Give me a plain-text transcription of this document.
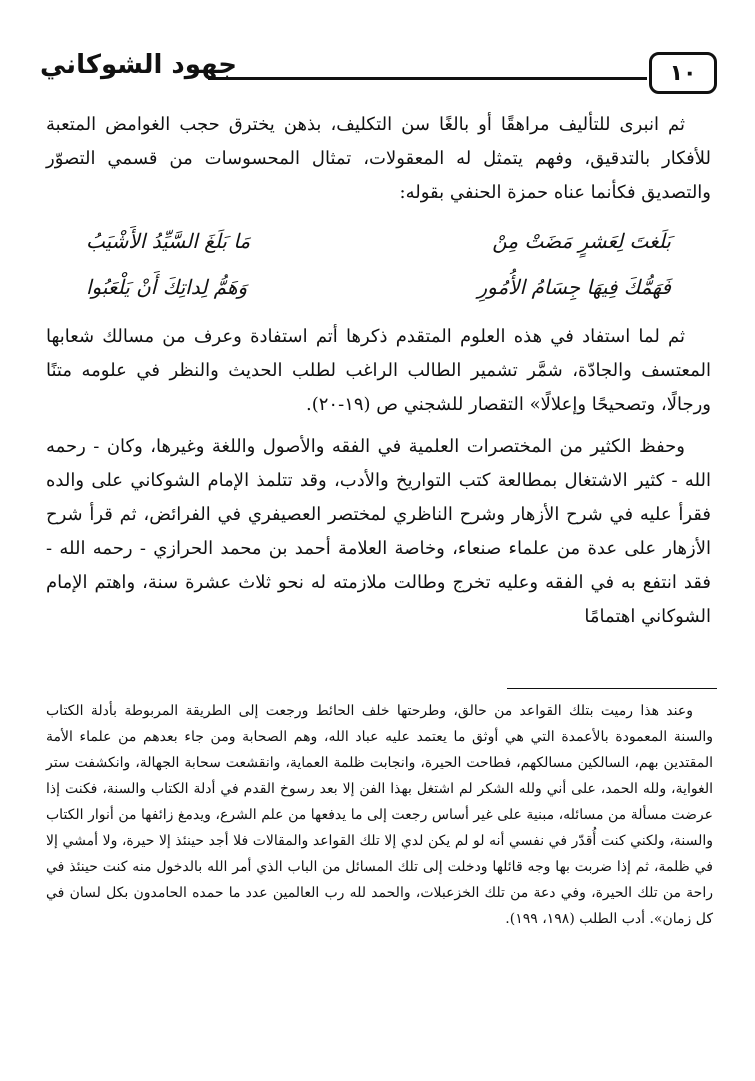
١٠
جهود الشوكاني

ثم انبرى للتأليف مراهقًا أو بالغًا سن التكليف، بذهن يخترق حجب الغوامض المتعبة للأفكار بالتدقيق، وفهم يتمثل له المعقولات، تمثال المحسوسات من قسمي التصوّر والتصديق فكأنما عناه حمزة الحنفي بقوله:

بَلَغتَ لِعَشرٍ مَضَتْ مِنْ
مَا بَلَغَ السَّيِّدُ الأَشْيَبُ
فَهَمُّكَ فِيهَا جِسَامُ الأُمُورِ
وَهَمُّ لِداتِكَ أَنْ يَلْعَبُوا

ثم لما استفاد في هذه العلوم المتقدم ذكرها أتم استفادة وعرف من مسالك شعابها المعتسف والجادّة، شمَّر تشمير الطالب الراغب لطلب الحديث والنظر في علومه متنًا ورجالًا، وتصحيحًا وإعلالًا» التقصار للشجني ص (١٩-٢٠).

وحفظ الكثير من المختصرات العلمية في الفقه والأصول واللغة وغيرها، وكان - رحمه الله - كثير الاشتغال بمطالعة كتب التواريخ والأدب، وقد تتلمذ الإمام الشوكاني على والده فقرأ عليه في شرح الأزهار وشرح الناظري لمختصر العصيفري في الفرائض، ثم قرأ شرح الأزهار على عدة من علماء صنعاء، وخاصة العلامة أحمد بن محمد الحرازي - رحمه الله - فقد انتفع به في الفقه وعليه تخرج وطالت ملازمته له نحو ثلاث عشرة سنة، واهتم الإمام الشوكاني اهتمامًا

وعند هذا رميت بتلك القواعد من حالق، وطرحتها خلف الحائط ورجعت إلى الطريقة المربوطة بأدلة الكتاب والسنة المعمودة بالأعمدة التي هي أوثق ما يعتمد عليه عباد الله، وهم الصحابة ومن جاء بعدهم من علماء الأمة المقتدين بهم، السالكين مسالكهم، فطاحت الحيرة، وانجابت ظلمة العماية، وانقشعت سحابة الجهالة، وانكشفت ستر الغواية، ولله الحمد، على أني ولله الشكر لم اشتغل بهذا الفن إلا بعد رسوخ القدم في أدلة الكتاب والسنة، فكنت إذا عرضت مسألة من مسائله، مبنية على غير أساس رجعت إلى ما يدفعها من علم الشرع، ويدمغ زائفها من أنوار الكتاب والسنة، ولكني كنت أُقدّر في نفسي أنه لو لم يكن لدي إلا تلك القواعد والمقالات فلا أجد حينئذ إلا حيرة، ولا أمشي إلا في ظلمة، ثم إذا ضربت بها وجه قائلها ودخلت إلى تلك المسائل من الباب الذي أمر الله بالدخول منه كنت حينئذ في راحة من تلك الحيرة، وفي دعة من تلك الخزعبلات، والحمد لله رب العالمين عدد ما حمده الحامدون بكل لسان في كل زمان». أدب الطلب (١٩٨، ١٩٩).
